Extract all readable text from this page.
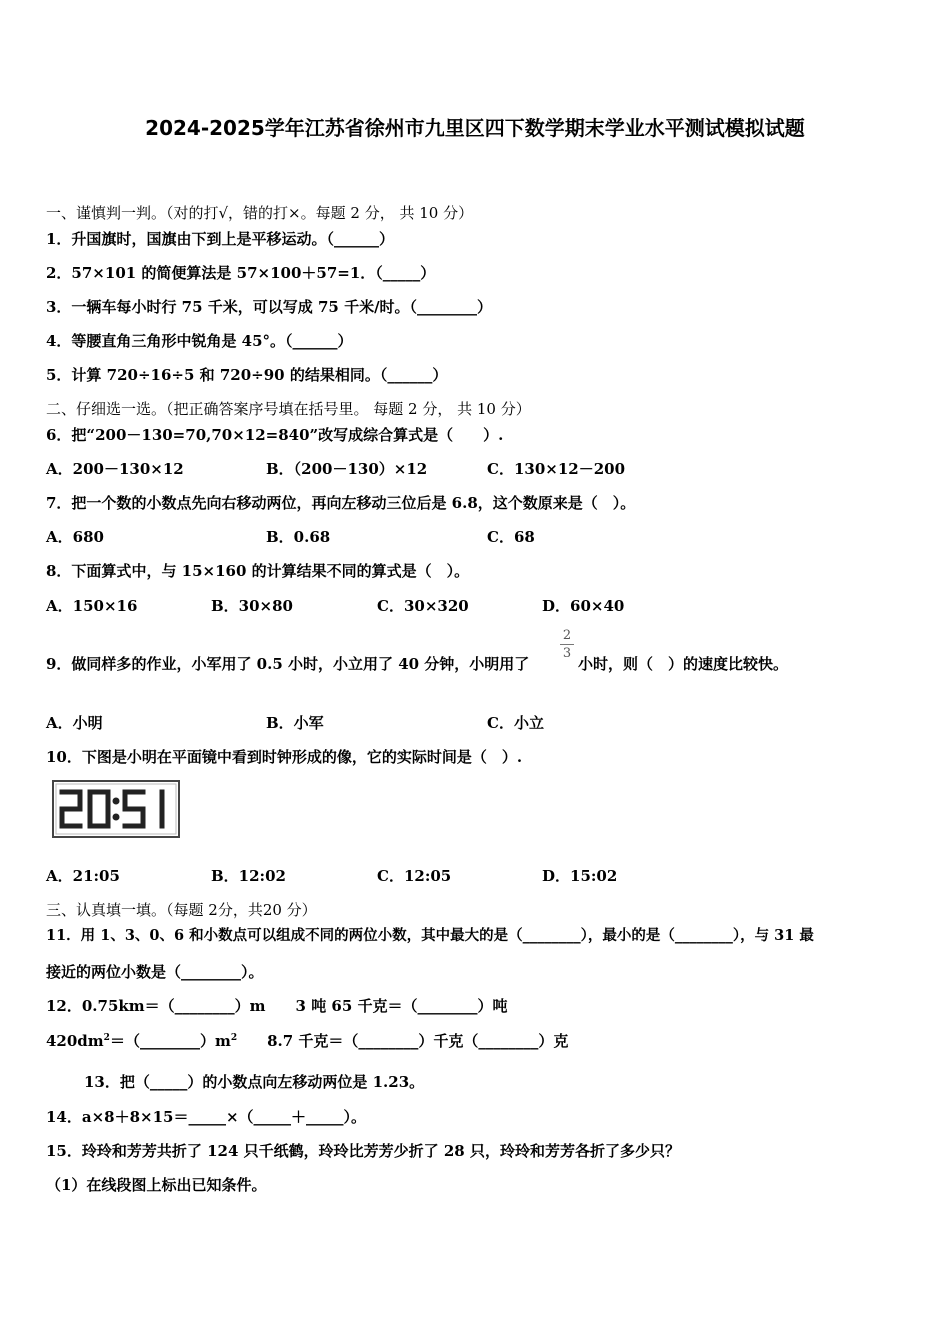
2024-2025学年江苏省徐州市九里区四下数学期末学业水平测试模拟试题
一、谨慎判一判。（对的打√，错的打×。每题 2 分， 共 10 分）
1．升国旗时，国旗由下到上是平移运动。（______）
2．57×101 的简便算法是 57×100＋57=1．（_____）
3．一辆车每小时行 75 千米，可以写成 75 千米/时。（________）
4．等腰直角三角形中锐角是 45°。（______）
5．计算 720÷16÷5 和 720÷90 的结果相同。（______）
二、仔细选一选。（把正确答案序号填在括号里。 每题 2 分， 共 10 分）
6．把“200－130=70,70×12=840”改写成综合算式是（　　）.
A．200－130×12	B．（200－130）×12	C．130×12－200
7．把一个数的小数点先向右移动两位，再向左移动三位后是 6.8，这个数原来是（　）。
A．680	B．0.68	C．68
8．下面算式中，与 15×160 的计算结果不同的算式是（　）。
A．150×16	B．30×80	C．30×320	D．60×40
9．做同样多的作业，小军用了 0.5 小时，小立用了 40 分钟，小明用了
2
3
小时，则（　）的速度比较快。
A．小明	B．小军	C．小立
10．下图是小明在平面镜中看到时钟形成的像，它的实际时间是（　）.
A．21:05	B．12:02	C．12:05	D．15:02
三、认真填一填。（每题 2分，共20 分）
11．用 1、3、0、6 和小数点可以组成不同的两位小数，其中最大的是（________），最小的是（________），与 31 最
接近的两位小数是（________）。
12．0.75km＝（________）m　　3 吨 65 千克＝（________）吨
$420dm^2=(\_\_\_\_\_\_\_\_)m^2$　　8.7 千克＝（________）千克（________）克
13．把（_____）的小数点向左移动两位是 1.23。
14．a×8＋8×15＝_____×（_____＋_____）。
15．玲玲和芳芳共折了 124 只千纸鹤，玲玲比芳芳少折了 28 只，玲玲和芳芳各折了多少只？
（1）在线段图上标出已知条件。
